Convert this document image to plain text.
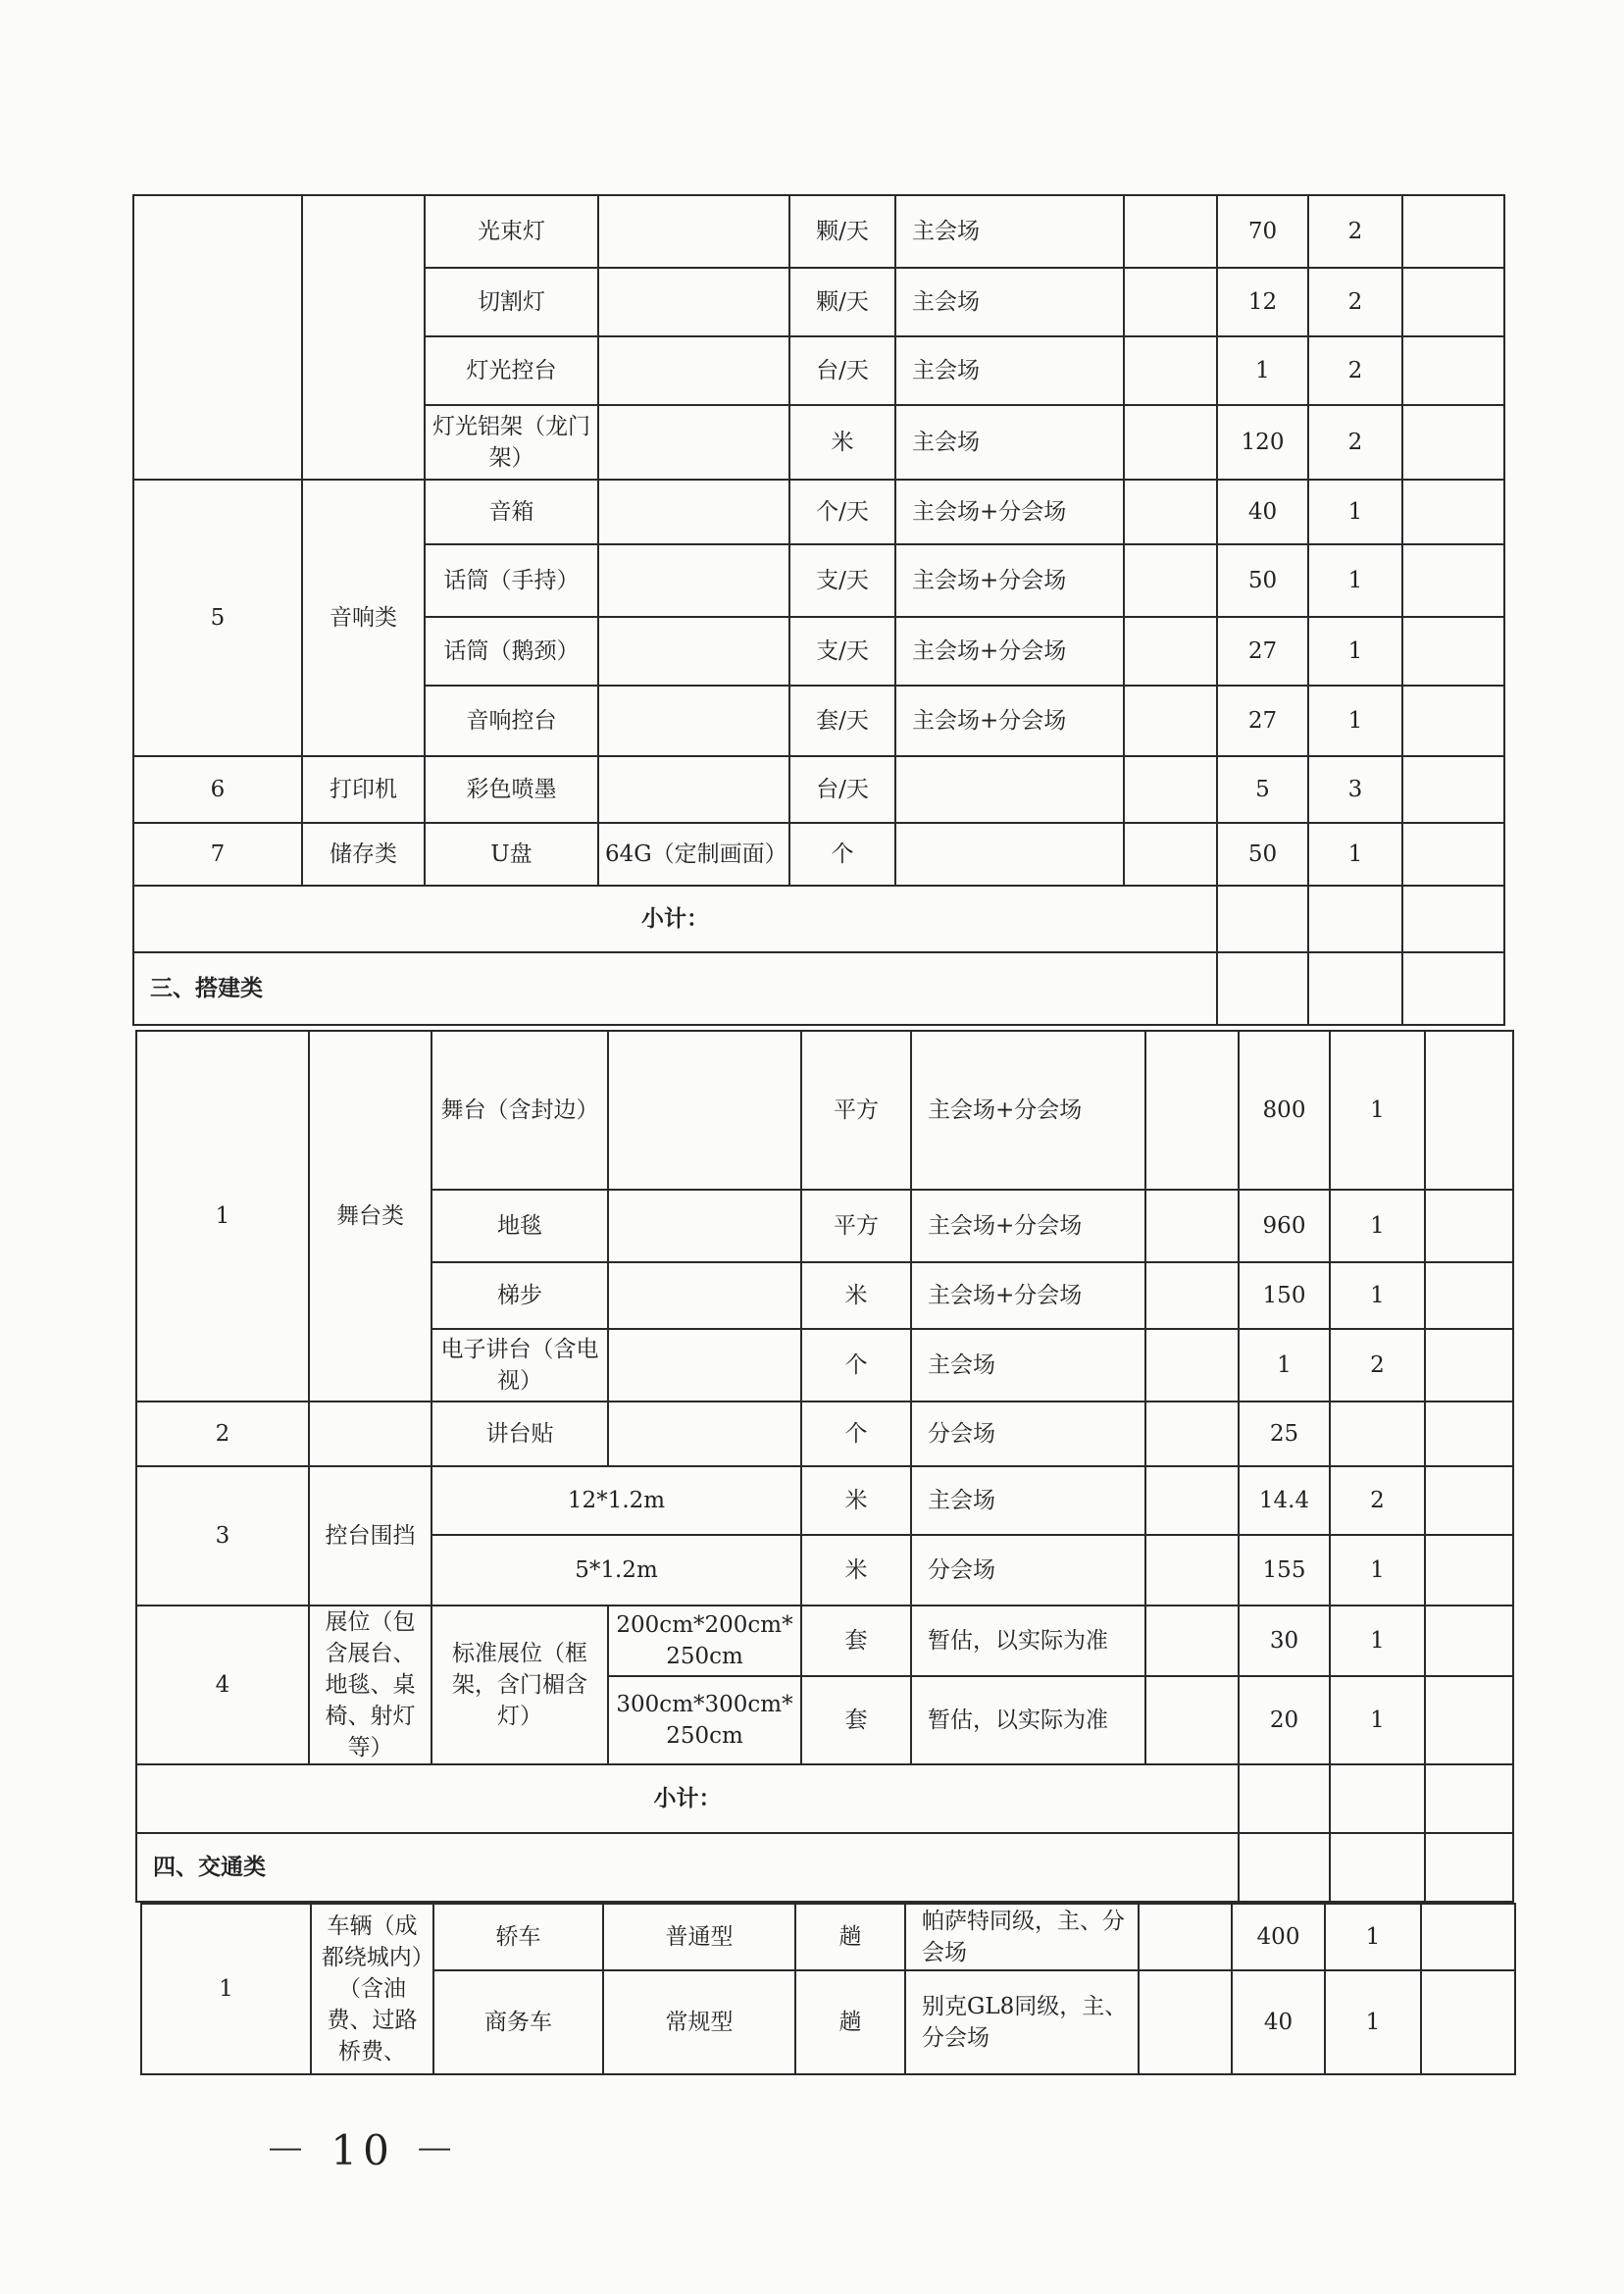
		光束灯		颗/天	主会场		70	2	
		切割灯		颗/天	主会场		12	2	
		灯光控台		台/天	主会场		1	2	
		灯光铝架（龙门架）		米	主会场		120	2	
5	音响类	音箱		个/天	主会场+分会场		40	1	
		话筒（手持）		支/天	主会场+分会场		50	1	
		话筒（鹅颈）		支/天	主会场+分会场		27	1	
		音响控台		套/天	主会场+分会场		27	1	
6	打印机	彩色喷墨		台/天			5	3	
7	储存类	U盘	64G（定制画面）	个			50	1	
小计：									
三、搭建类									
1	舞台类	舞台（含封边）		平方	主会场+分会场		800	1	
		地毯		平方	主会场+分会场		960	1	
		梯步		米	主会场+分会场		150	1	
		电子讲台（含电视）		个	主会场		1	2	
2		讲台贴		个	分会场		25		
3	控台围挡	12*1.2m		米	主会场		14.4	2	
		5*1.2m		米	分会场		155	1	
4	展位（包含展台、地毯、桌椅、射灯等）	标准展位（框架，含门楣含灯）	200cm*200cm*250cm	套	暂估，以实际为准		30	1	
			300cm*300cm*250cm	套	暂估，以实际为准		20	1	
小计：									
四、交通类									
1	车辆（成都绕城内）（含油费、过路桥费、	轿车	普通型	趟	帕萨特同级，主、分会场		400	1	
		商务车	常规型	趟	别克GL8同级，主、分会场		40	1	
－ 10 －
